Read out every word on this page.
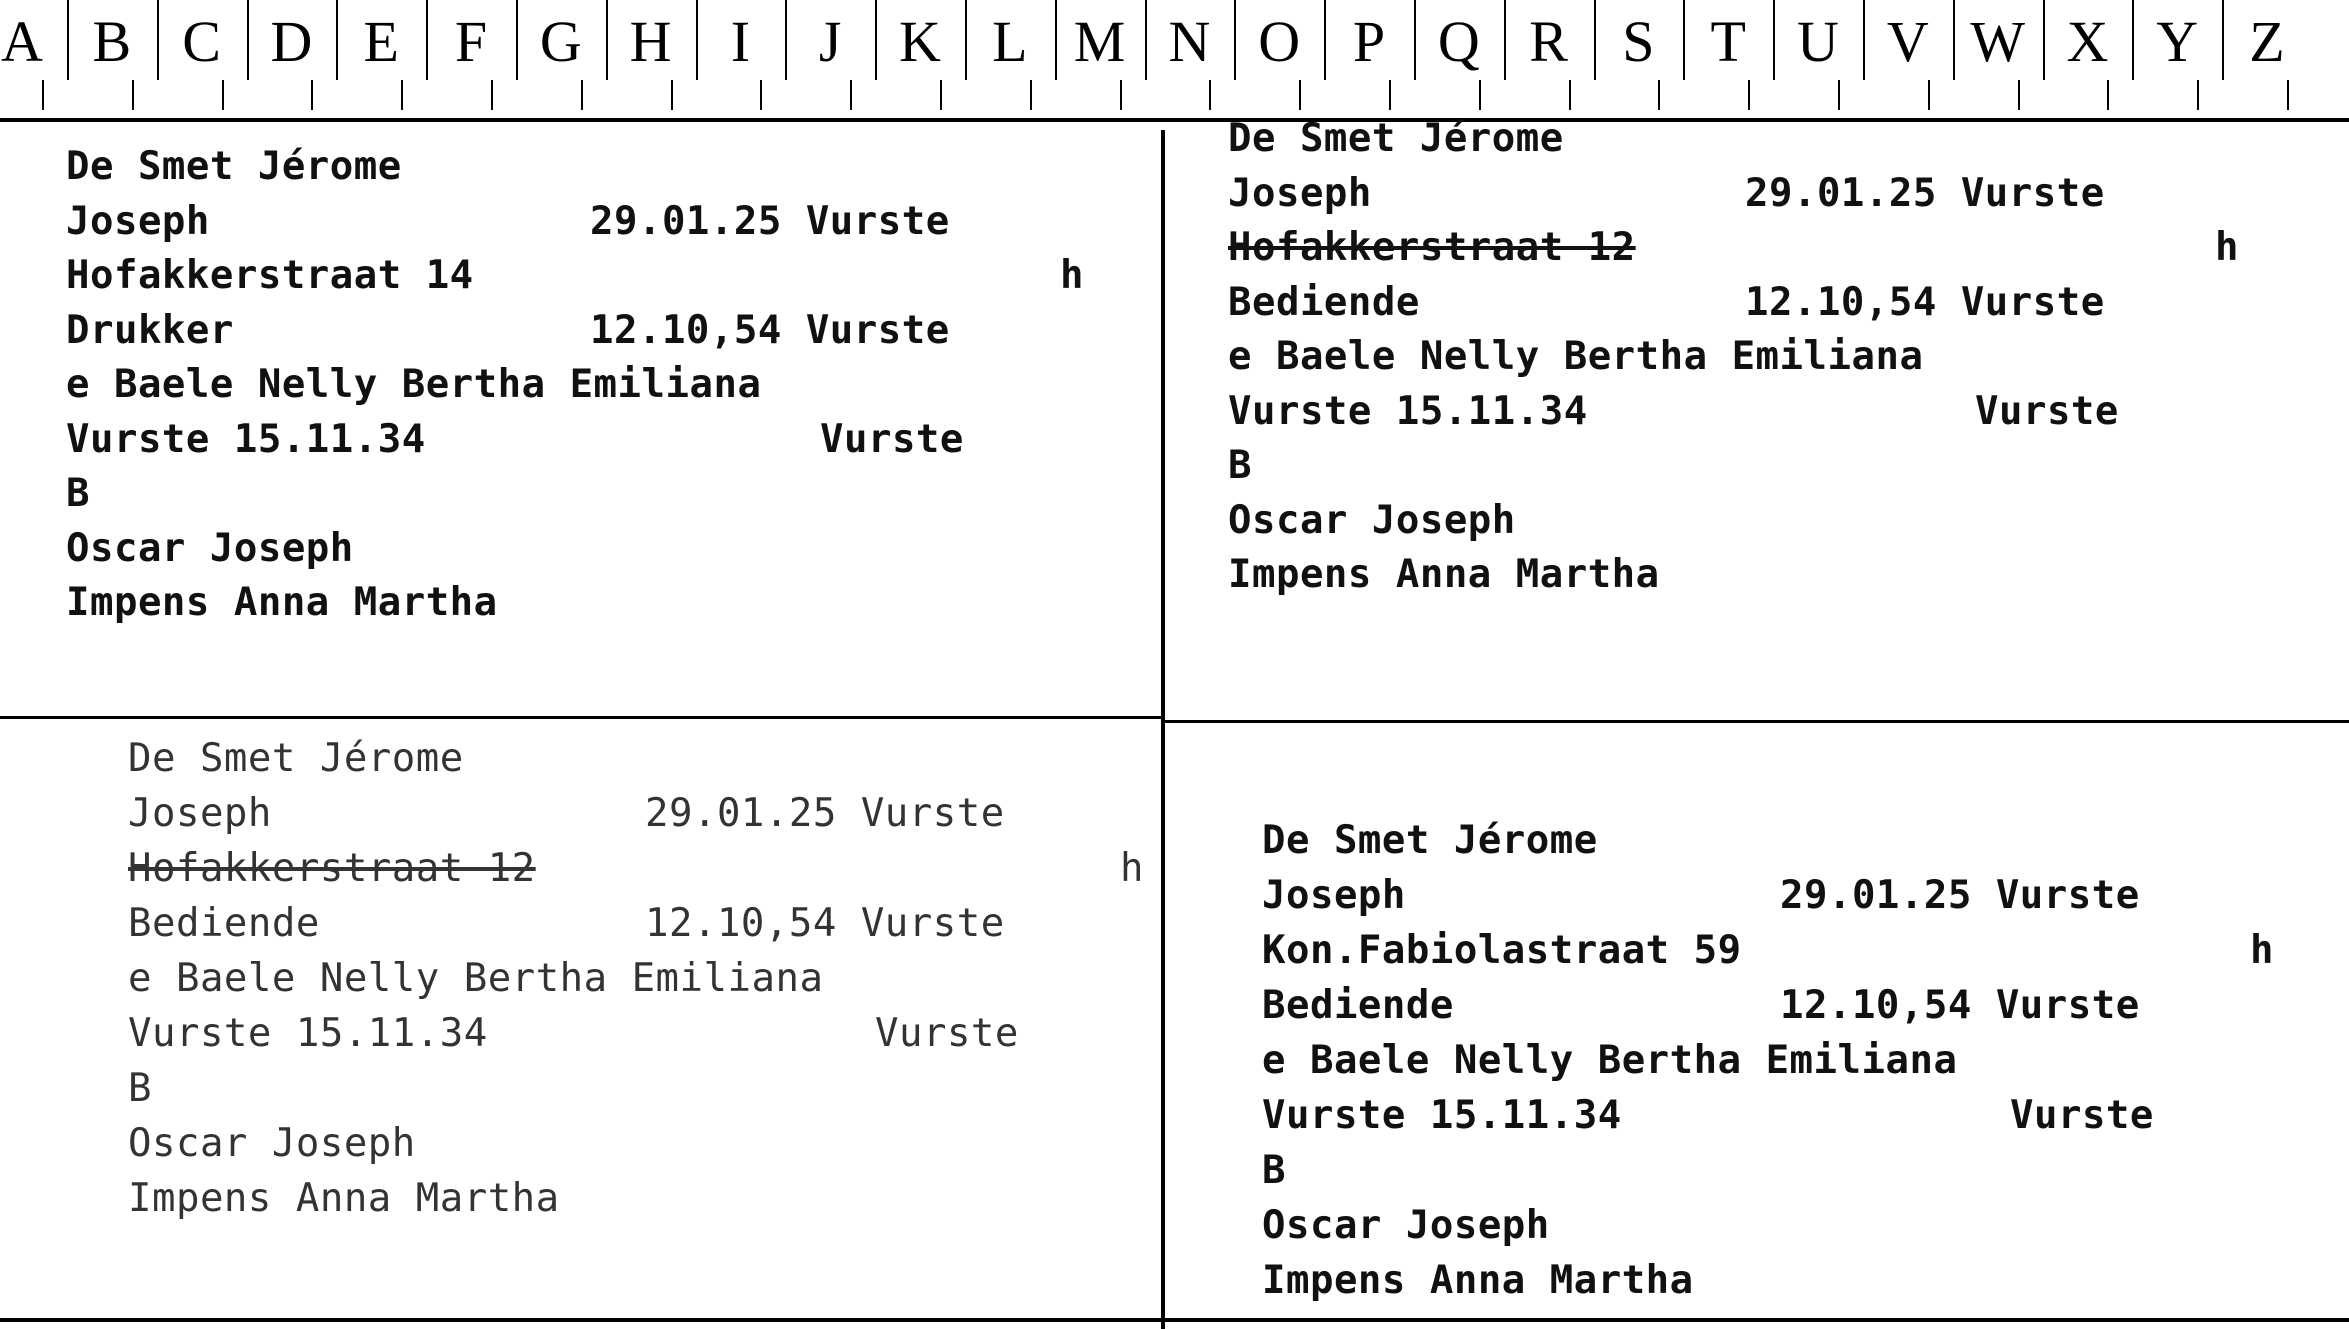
A B C D E F G H	I	J K L M N O P Q R S T U V W X Y Z
De Smet Jérome
Joseph	29.01.25 Vurste
Hofakkerstraat 14	h
Drukker	12.10,54 Vurste
e Baele Nelly Bertha Emiliana
Vurste 15.11.34	Vurste
B
Oscar Joseph
Impens Anna Martha
De Smet Jérome
Joseph	29.01.25 Vurste
Hofakkerstraat 12	h
Bediende	12.10,54 Vurste
e Baele Nelly Bertha Emiliana
Vurste 15.11.34	Vurste
B
Oscar Joseph
Impens Anna Martha
De Smet Jérome
Joseph	29.01.25 Vurste
Hofakkerstraat 12	h
Bediende	12.10,54 Vurste
e Baele Nelly Bertha Emiliana
Vurste 15.11.34	Vurste
B
Oscar Joseph
Impens Anna Martha
De Smet Jérome
Joseph	29.01.25 Vurste
Kon.Fabiolastraat 59	h
Bediende	12.10,54 Vurste
e Baele Nelly Bertha Emiliana
Vurste 15.11.34	Vurste
B
Oscar Joseph
Impens Anna Martha
